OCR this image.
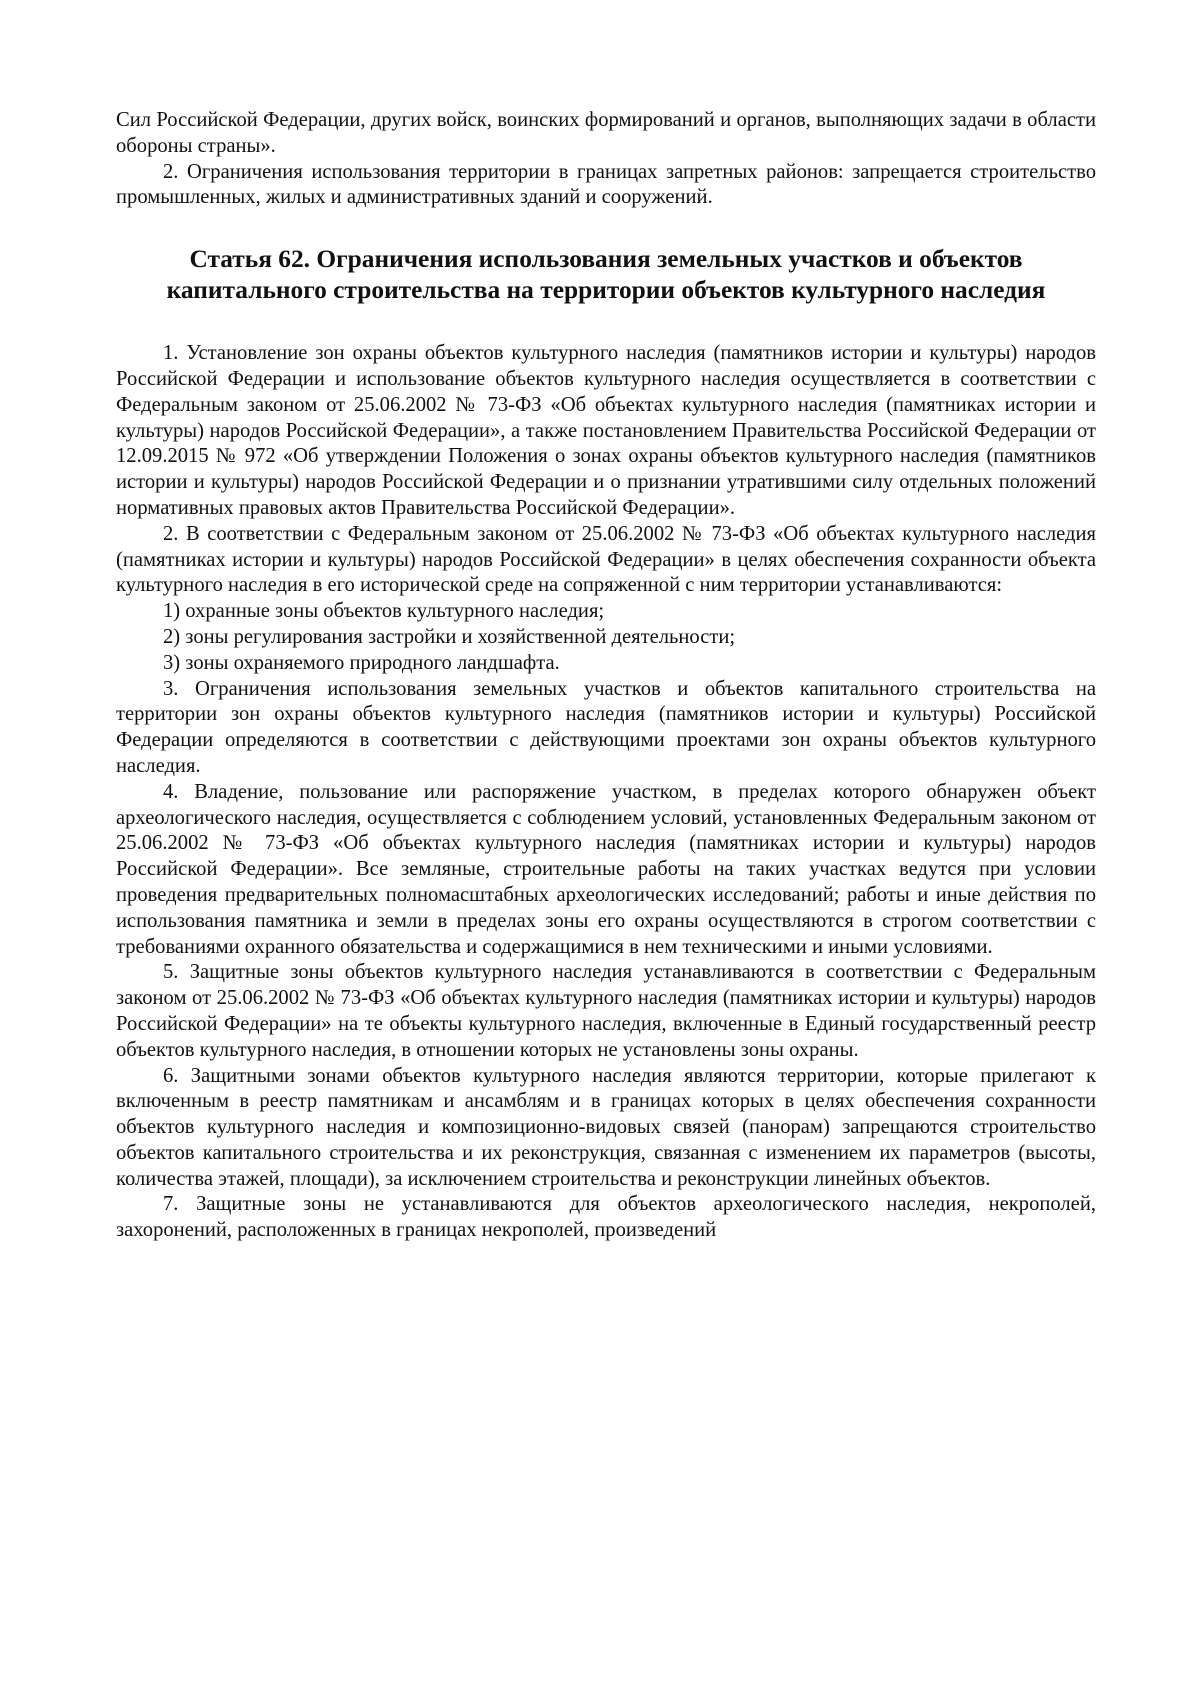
Сил Российской Федерации, других войск, воинских формирований и органов, выполняющих задачи в области обороны страны».

2. Ограничения использования территории в границах запретных районов: запрещается строительство промышленных, жилых и административных зданий и сооружений.

Статья 62. Ограничения использования земельных участков и объектов капитального строительства на территории объектов культурного наследия

1. Установление зон охраны объектов культурного наследия (памятников истории и культуры) народов Российской Федерации и использование объектов культурного наследия осуществляется в соответствии с Федеральным законом от 25.06.2002 № 73-ФЗ «Об объектах культурного наследия (памятниках истории и культуры) народов Российской Федерации», а также постановлением Правительства Российской Федерации от 12.09.2015 № 972 «Об утверждении Положения о зонах охраны объектов культурного наследия (памятников истории и культуры) народов Российской Федерации и о признании утратившими силу отдельных положений нормативных правовых актов Правительства Российской Федерации».

2. В соответствии с Федеральным законом от 25.06.2002 № 73-ФЗ «Об объектах культурного наследия (памятниках истории и культуры) народов Российской Федерации» в целях обеспечения сохранности объекта культурного наследия в его исторической среде на сопряженной с ним территории устанавливаются:

1) охранные зоны объектов культурного наследия;

2) зоны регулирования застройки и хозяйственной деятельности;

3) зоны охраняемого природного ландшафта.

3. Ограничения использования земельных участков и объектов капитального строительства на территории зон охраны объектов культурного наследия (памятников истории и культуры) Российской Федерации определяются в соответствии с действующими проектами зон охраны объектов культурного наследия.

4. Владение, пользование или распоряжение участком, в пределах которого обнаружен объект археологического наследия, осуществляется с соблюдением условий, установленных Федеральным законом от 25.06.2002 № 73-ФЗ «Об объектах культурного наследия (памятниках истории и культуры) народов Российской Федерации». Все земляные, строительные работы на таких участках ведутся при условии проведения предварительных полномасштабных археологических исследований; работы и иные действия по использования памятника и земли в пределах зоны его охраны осуществляются в строгом соответствии с требованиями охранного обязательства и содержащимися в нем техническими и иными условиями.

5. Защитные зоны объектов культурного наследия устанавливаются в соответствии с Федеральным законом от 25.06.2002 № 73-ФЗ «Об объектах культурного наследия (памятниках истории и культуры) народов Российской Федерации» на те объекты культурного наследия, включенные в Единый государственный реестр объектов культурного наследия, в отношении которых не установлены зоны охраны.

6. Защитными зонами объектов культурного наследия являются территории, которые прилегают к включенным в реестр памятникам и ансамблям и в границах которых в целях обеспечения сохранности объектов культурного наследия и композиционно-видовых связей (панорам) запрещаются строительство объектов капитального строительства и их реконструкция, связанная с изменением их параметров (высоты, количества этажей, площади), за исключением строительства и реконструкции линейных объектов.

7. Защитные зоны не устанавливаются для объектов археологического наследия, некрополей, захоронений, расположенных в границах некрополей, произведений
